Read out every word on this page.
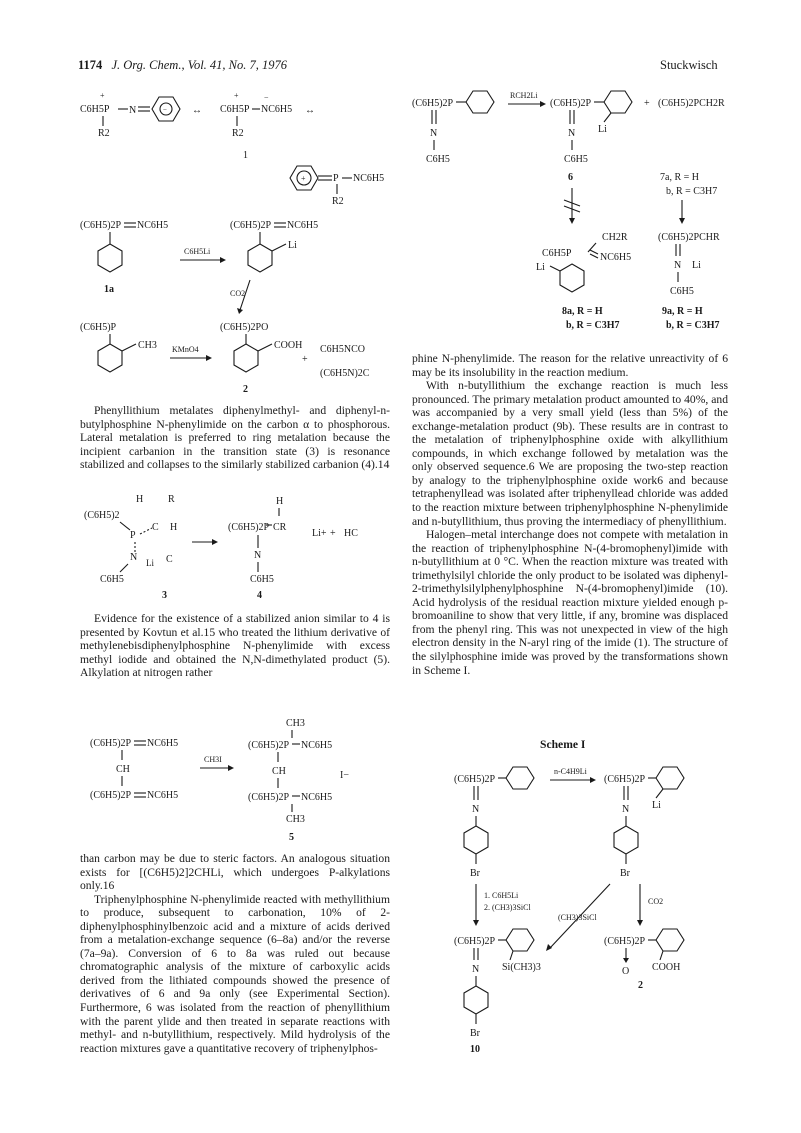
1174 J. Org. Chem., Vol. 41, No. 7, 1976	Stuckwisch
C6H5P
+
N	−
R2
↔ C6H5P
+
NC6H5
−
R2
↔
1
+	P NC6H5
R2
(C6H5)2P NC6H5
1a
C6H5Li
(C6H5)2P NC6H5
Li
CO2
(C6H5)P
CH3 KMnO4
(C6H5)2PO
COOH
2
+
C6H5NCO
(C6H5N)2C

Phenyllithium metalates diphenylmethyl- and diphenyl-n-butylphosphine N-phenylimide on the carbon α to phosphorous. Lateral metalation is preferred to ring metalation because the incipient carbanion in the transition state (3) is resonance stabilized and collapses to the similarly stabilized carbanion (4).14

(C6H5)2
H R
P
C H
N Li C
C6H5
3
H
(C6H5)2P CR
N
C6H5
Li+ + HC
4

Evidence for the existence of a stabilized anion similar to 4 is presented by Kovtun et al.15 who treated the lithium derivative of methylenebisdiphenylphosphine N-phenylimide with excess methyl iodide and obtained the N,N-dimethylated product (5). Alkylation at nitrogen rather

(C6H5)2P NC6H5
CH
(C6H5)2P NC6H5
CH3I
CH3
(C6H5)2P NC6H5
CH	I−
(C6H5)2P NC6H5
CH3
5

than carbon may be due to steric factors. An analogous situation exists for [(C6H5)2]2CHLi, which undergoes P-alkylations only.16

Triphenylphosphine N-phenylimide reacted with methyllithium to produce, subsequent to carbonation, 10% of 2-diphenylphosphinylbenzoic acid and a mixture of acids derived from a metalation-exchange sequence (6–8a) and/or the reverse (7a–9a). Conversion of 6 to 8a was ruled out because chromatographic analysis of the mixture of carboxylic acids derived from the lithiated compounds showed the presence of derivatives of 6 and 9a only (see Experimental Section). Furthermore, 6 was isolated from the reaction of phenyllithium with the parent ylide and then treated in separate reactions with methyl- and n-butyllithium, respectively. Mild hydrolysis of the reaction mixtures gave a quantitative recovery of triphenylphos-

(C6H5)2P
N
C6H5
RCH2Li
(C6H5)2P
Li
N
C6H5
6
+ (C6H5)2PCH2R
7a, R = H
b, R = C3H7
CH2R
C6H5P	NC6H5
Li
8a, R = H
b, R = C3H7
(C6H5)2PCHR
N Li
C6H5
9a, R = H
b, R = C3H7

phine N-phenylimide. The reason for the relative unreactivity of 6 may be its insolubility in the reaction medium.

With n-butyllithium the exchange reaction is much less pronounced. The primary metalation product amounted to 40%, and was accompanied by a very small yield (less than 5%) of the exchange-metalation product (9b). These results are in contrast to the metalation of triphenylphosphine oxide with alkyllithium compounds, in which exchange followed by metalation was the only observed sequence.6 We are proposing the two-step reaction by analogy to the triphenylphosphine oxide work6 and because tetraphenyllead was isolated after triphenyllead chloride was added to the reaction mixture between triphenylphosphine N-phenylimide and n-butyllithium, thus proving the intermediacy of phenyllithium.

Halogen–metal interchange does not compete with metalation in the reaction of triphenylphosphine N-(4-bromophenyl)imide with n-butyllithium at 0 °C. When the reaction mixture was treated with trimethylsilyl chloride the only product to be isolated was diphenyl-2-trimethylsilylphenylphosphine N-(4-bromophenyl)imide (10). Acid hydrolysis of the residual reaction mixture yielded enough p-bromoaniline to show that very little, if any, bromine was displaced from the phenyl ring. This was not unexpected in view of the high electron density in the N-aryl ring of the imide (1). The structure of the silylphosphine imide was proved by the transformations shown in Scheme I.

Scheme I
(C6H5)2P
N
Br
n-C4H9Li
(C6H5)2P
Li
N
Br
1. C6H5Li
2. (CH3)3SiCl
(CH3)3SiCl
CO2
(C6H5)2P
Si(CH3)3
N
Br
10
(C6H5)2P
COOH
O
2
